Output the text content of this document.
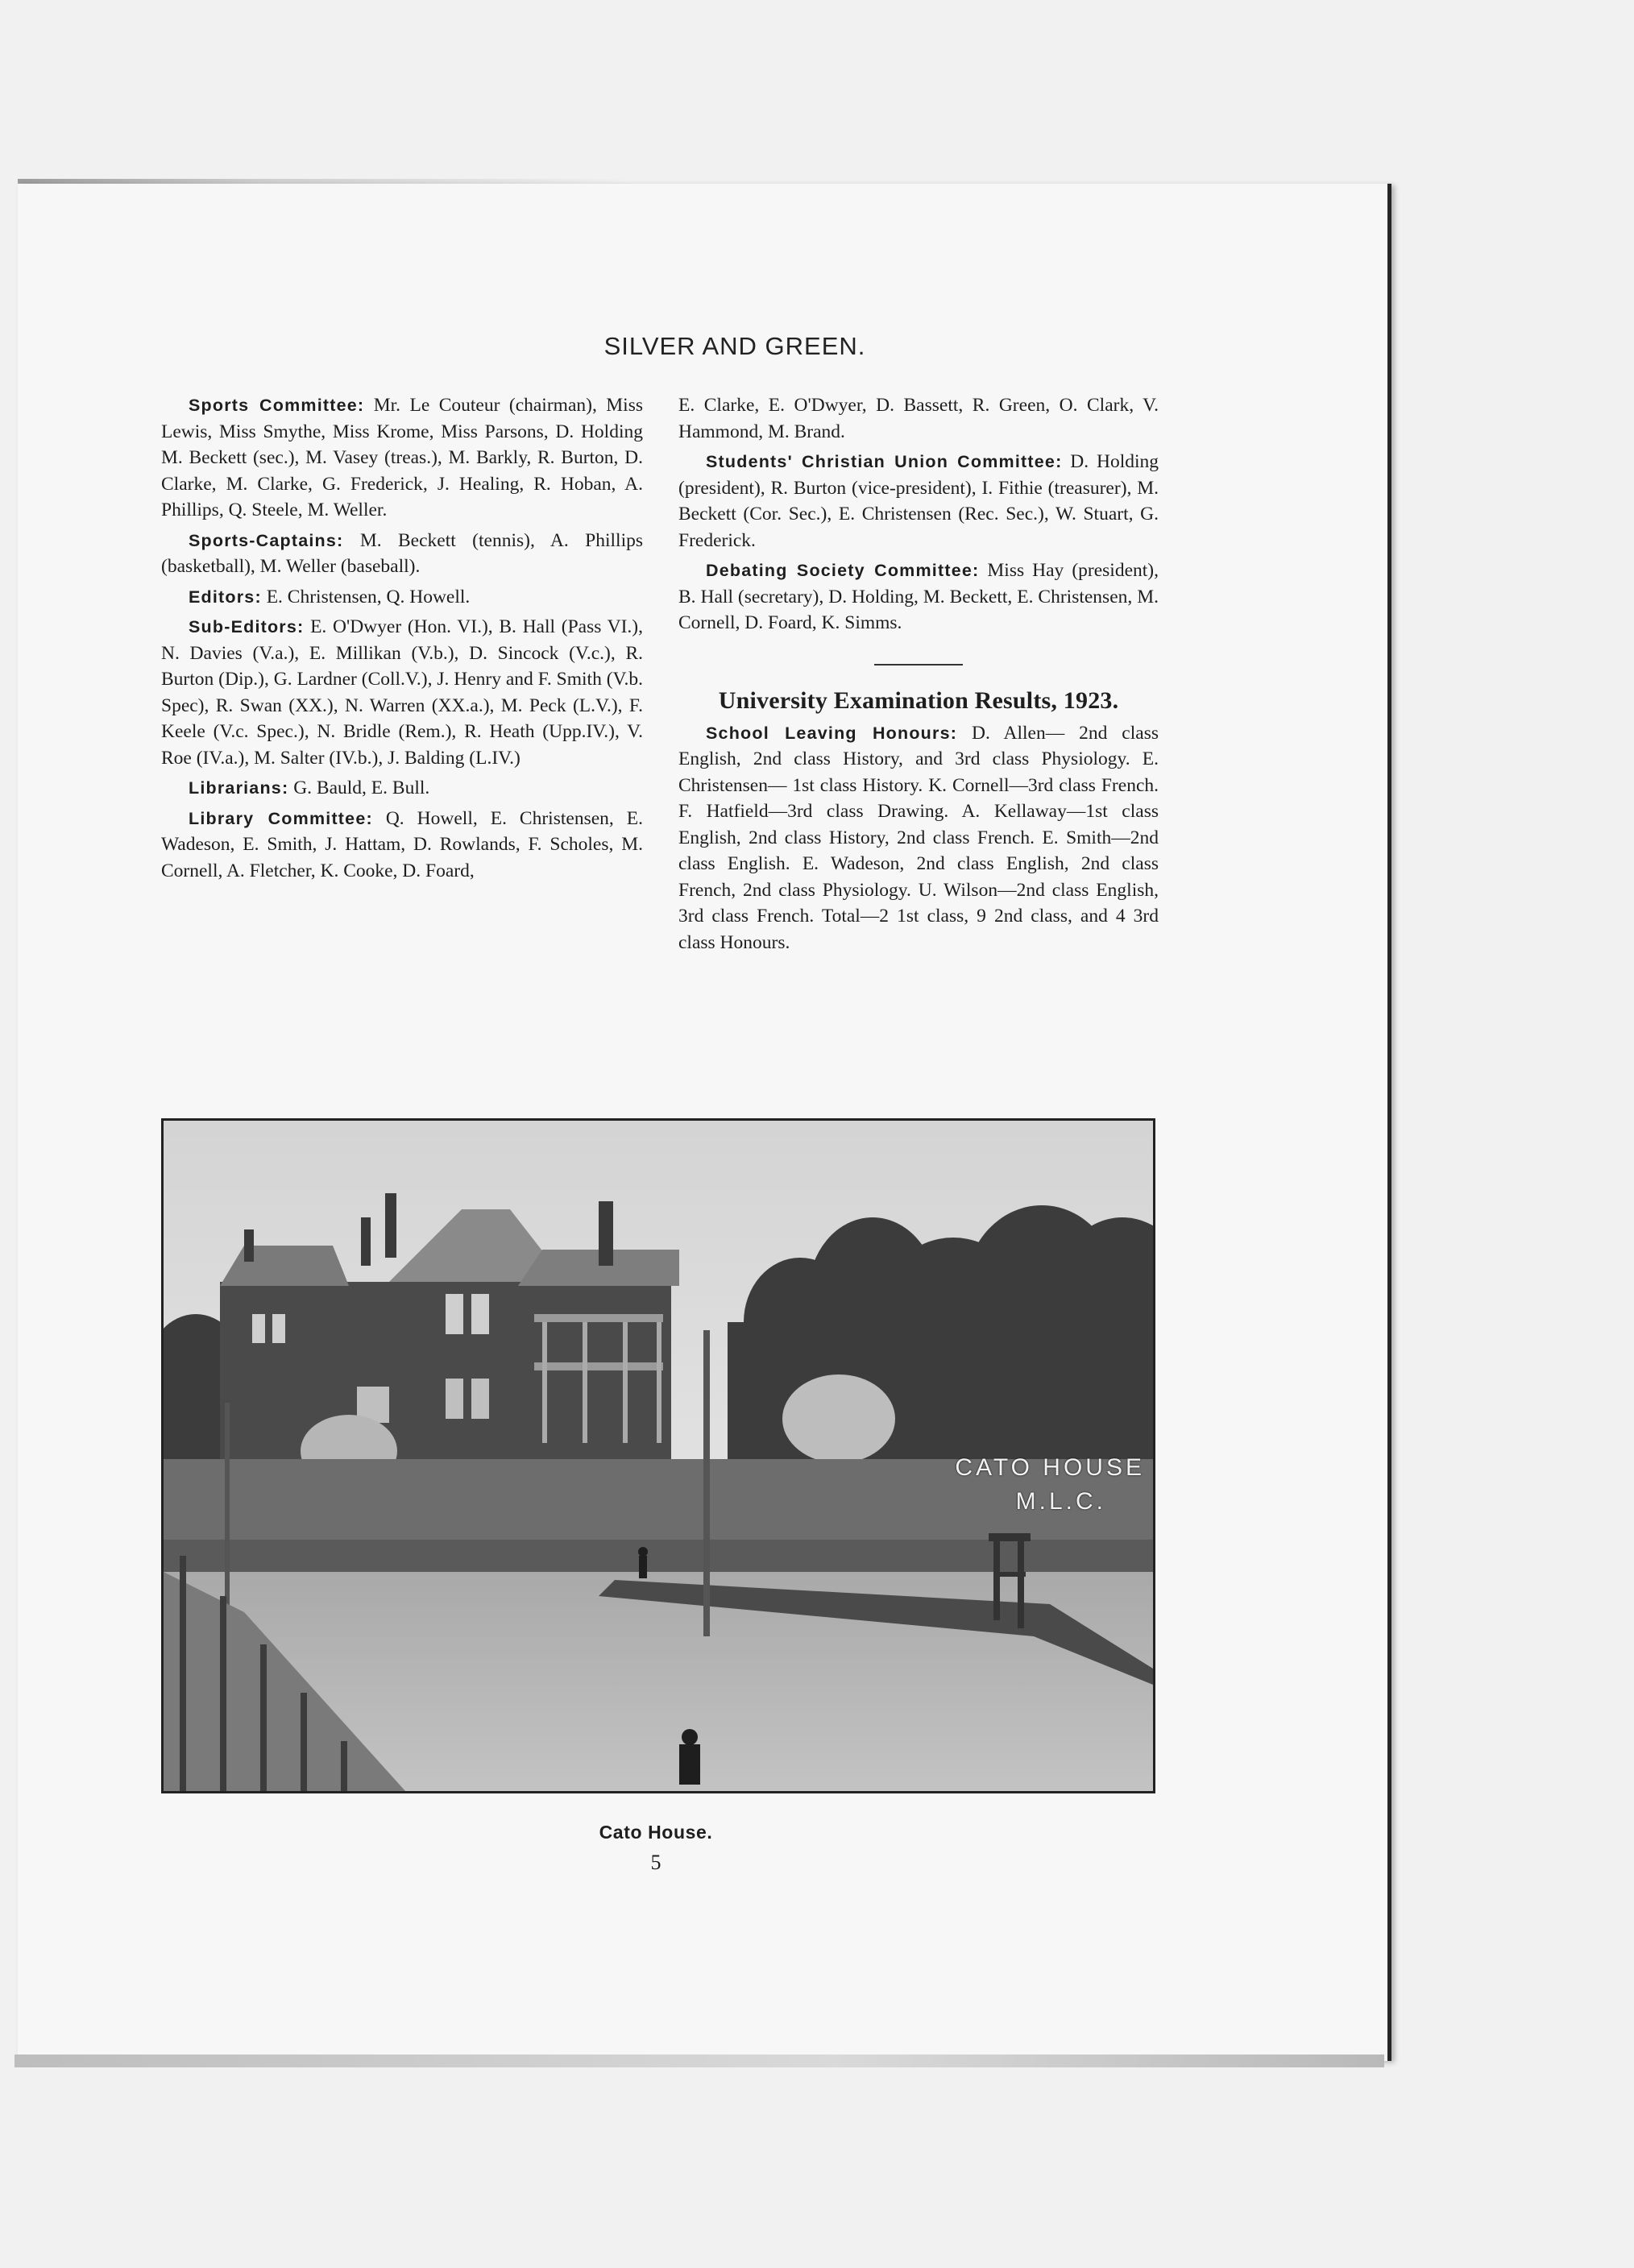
SILVER AND GREEN.

Sports Committee: Mr. Le Couteur (chairman), Miss Lewis, Miss Smythe, Miss Krome, Miss Parsons, D. Holding M. Beckett (sec.), M. Vasey (treas.), M. Barkly, R. Burton, D. Clarke, M. Clarke, G. Frederick, J. Healing, R. Hoban, A. Phillips, Q. Steele, M. Weller.

Sports-Captains: M. Beckett (tennis), A. Phillips (basketball), M. Weller (baseball).

Editors: E. Christensen, Q. Howell.

Sub-Editors: E. O'Dwyer (Hon. VI.), B. Hall (Pass VI.), N. Davies (V.a.), E. Millikan (V.b.), D. Sincock (V.c.), R. Burton (Dip.), G. Lardner (Coll.V.), J. Henry and F. Smith (V.b. Spec), R. Swan (XX.), N. Warren (XX.a.), M. Peck (L.V.), F. Keele (V.c. Spec.), N. Bridle (Rem.), R. Heath (Upp.IV.), V. Roe (IV.a.), M. Salter (IV.b.), J. Balding (L.IV.)

Librarians: G. Bauld, E. Bull.

Library Committee: Q. Howell, E. Christensen, E. Wadeson, E. Smith, J. Hattam, D. Rowlands, F. Scholes, M. Cornell, A. Fletcher, K. Cooke, D. Foard,

E. Clarke, E. O'Dwyer, D. Bassett, R. Green, O. Clark, V. Hammond, M. Brand.

Students' Christian Union Committee: D. Holding (president), R. Burton (vice-president), I. Fithie (treasurer), M. Beckett (Cor. Sec.), E. Christensen (Rec. Sec.), W. Stuart, G. Frederick.

Debating Society Committee: Miss Hay (president), B. Hall (secretary), D. Holding, M. Beckett, E. Christensen, M. Cornell, D. Foard, K. Simms.

University Examination Results, 1923.

School Leaving Honours: D. Allen— 2nd class English, 2nd class History, and 3rd class Physiology. E. Christensen— 1st class History. K. Cornell—3rd class French. F. Hatfield—3rd class Drawing. A. Kellaway—1st class English, 2nd class History, 2nd class French. E. Smith—2nd class English. E. Wadeson, 2nd class English, 2nd class French, 2nd class Physiology. U. Wilson—2nd class English, 3rd class French. Total—2 1st class, 9 2nd class, and 4 3rd class Honours.

CATO HOUSE
M.L.C.
Cato House.
5
